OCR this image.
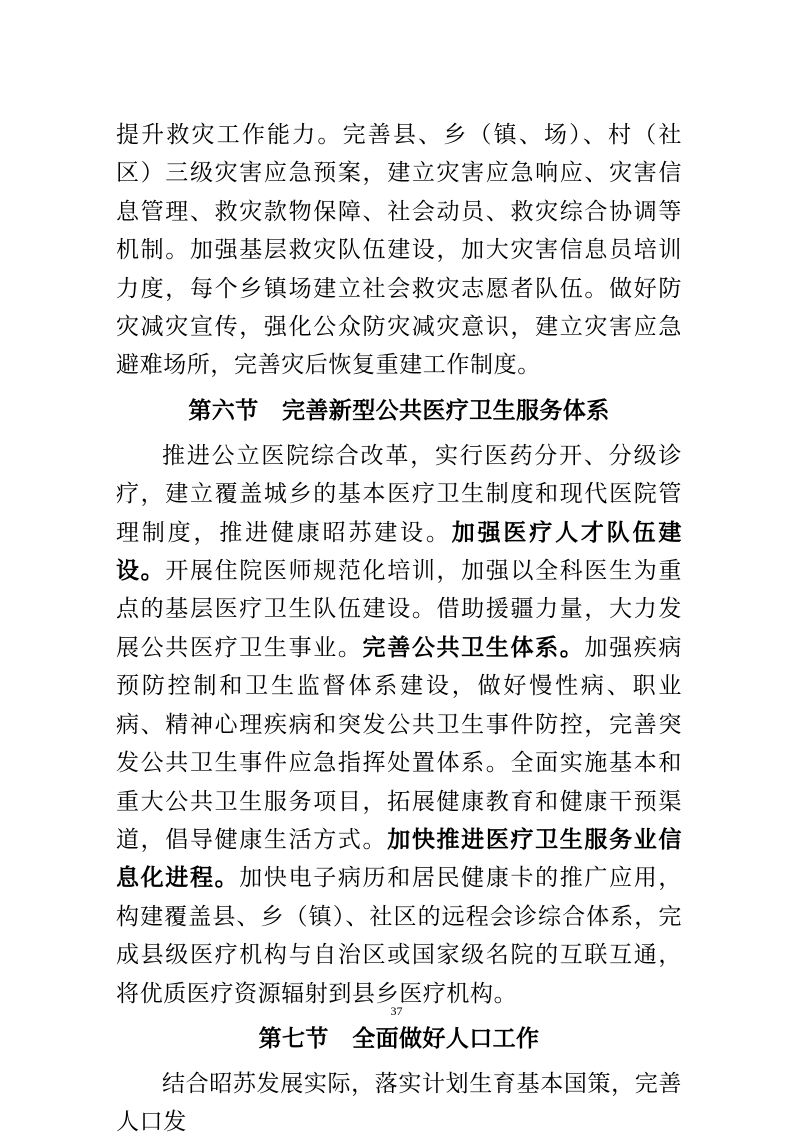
提升救灾工作能力。完善县、乡（镇、场）、村（社区）三级灾害应急预案，建立灾害应急响应、灾害信息管理、救灾款物保障、社会动员、救灾综合协调等机制。加强基层救灾队伍建设，加大灾害信息员培训力度，每个乡镇场建立社会救灾志愿者队伍。做好防灾减灾宣传，强化公众防灾减灾意识，建立灾害应急避难场所，完善灾后恢复重建工作制度。

第六节　完善新型公共医疗卫生服务体系

推进公立医院综合改革，实行医药分开、分级诊疗，建立覆盖城乡的基本医疗卫生制度和现代医院管理制度，推进健康昭苏建设。加强医疗人才队伍建设。开展住院医师规范化培训，加强以全科医生为重点的基层医疗卫生队伍建设。借助援疆力量，大力发展公共医疗卫生事业。完善公共卫生体系。加强疾病预防控制和卫生监督体系建设，做好慢性病、职业病、精神心理疾病和突发公共卫生事件防控，完善突发公共卫生事件应急指挥处置体系。全面实施基本和重大公共卫生服务项目，拓展健康教育和健康干预渠道，倡导健康生活方式。加快推进医疗卫生服务业信息化进程。加快电子病历和居民健康卡的推广应用，构建覆盖县、乡（镇）、社区的远程会诊综合体系，完成县级医疗机构与自治区或国家级名院的互联互通，将优质医疗资源辐射到县乡医疗机构。

第七节　全面做好人口工作

结合昭苏发展实际，落实计划生育基本国策，完善人口发

37
